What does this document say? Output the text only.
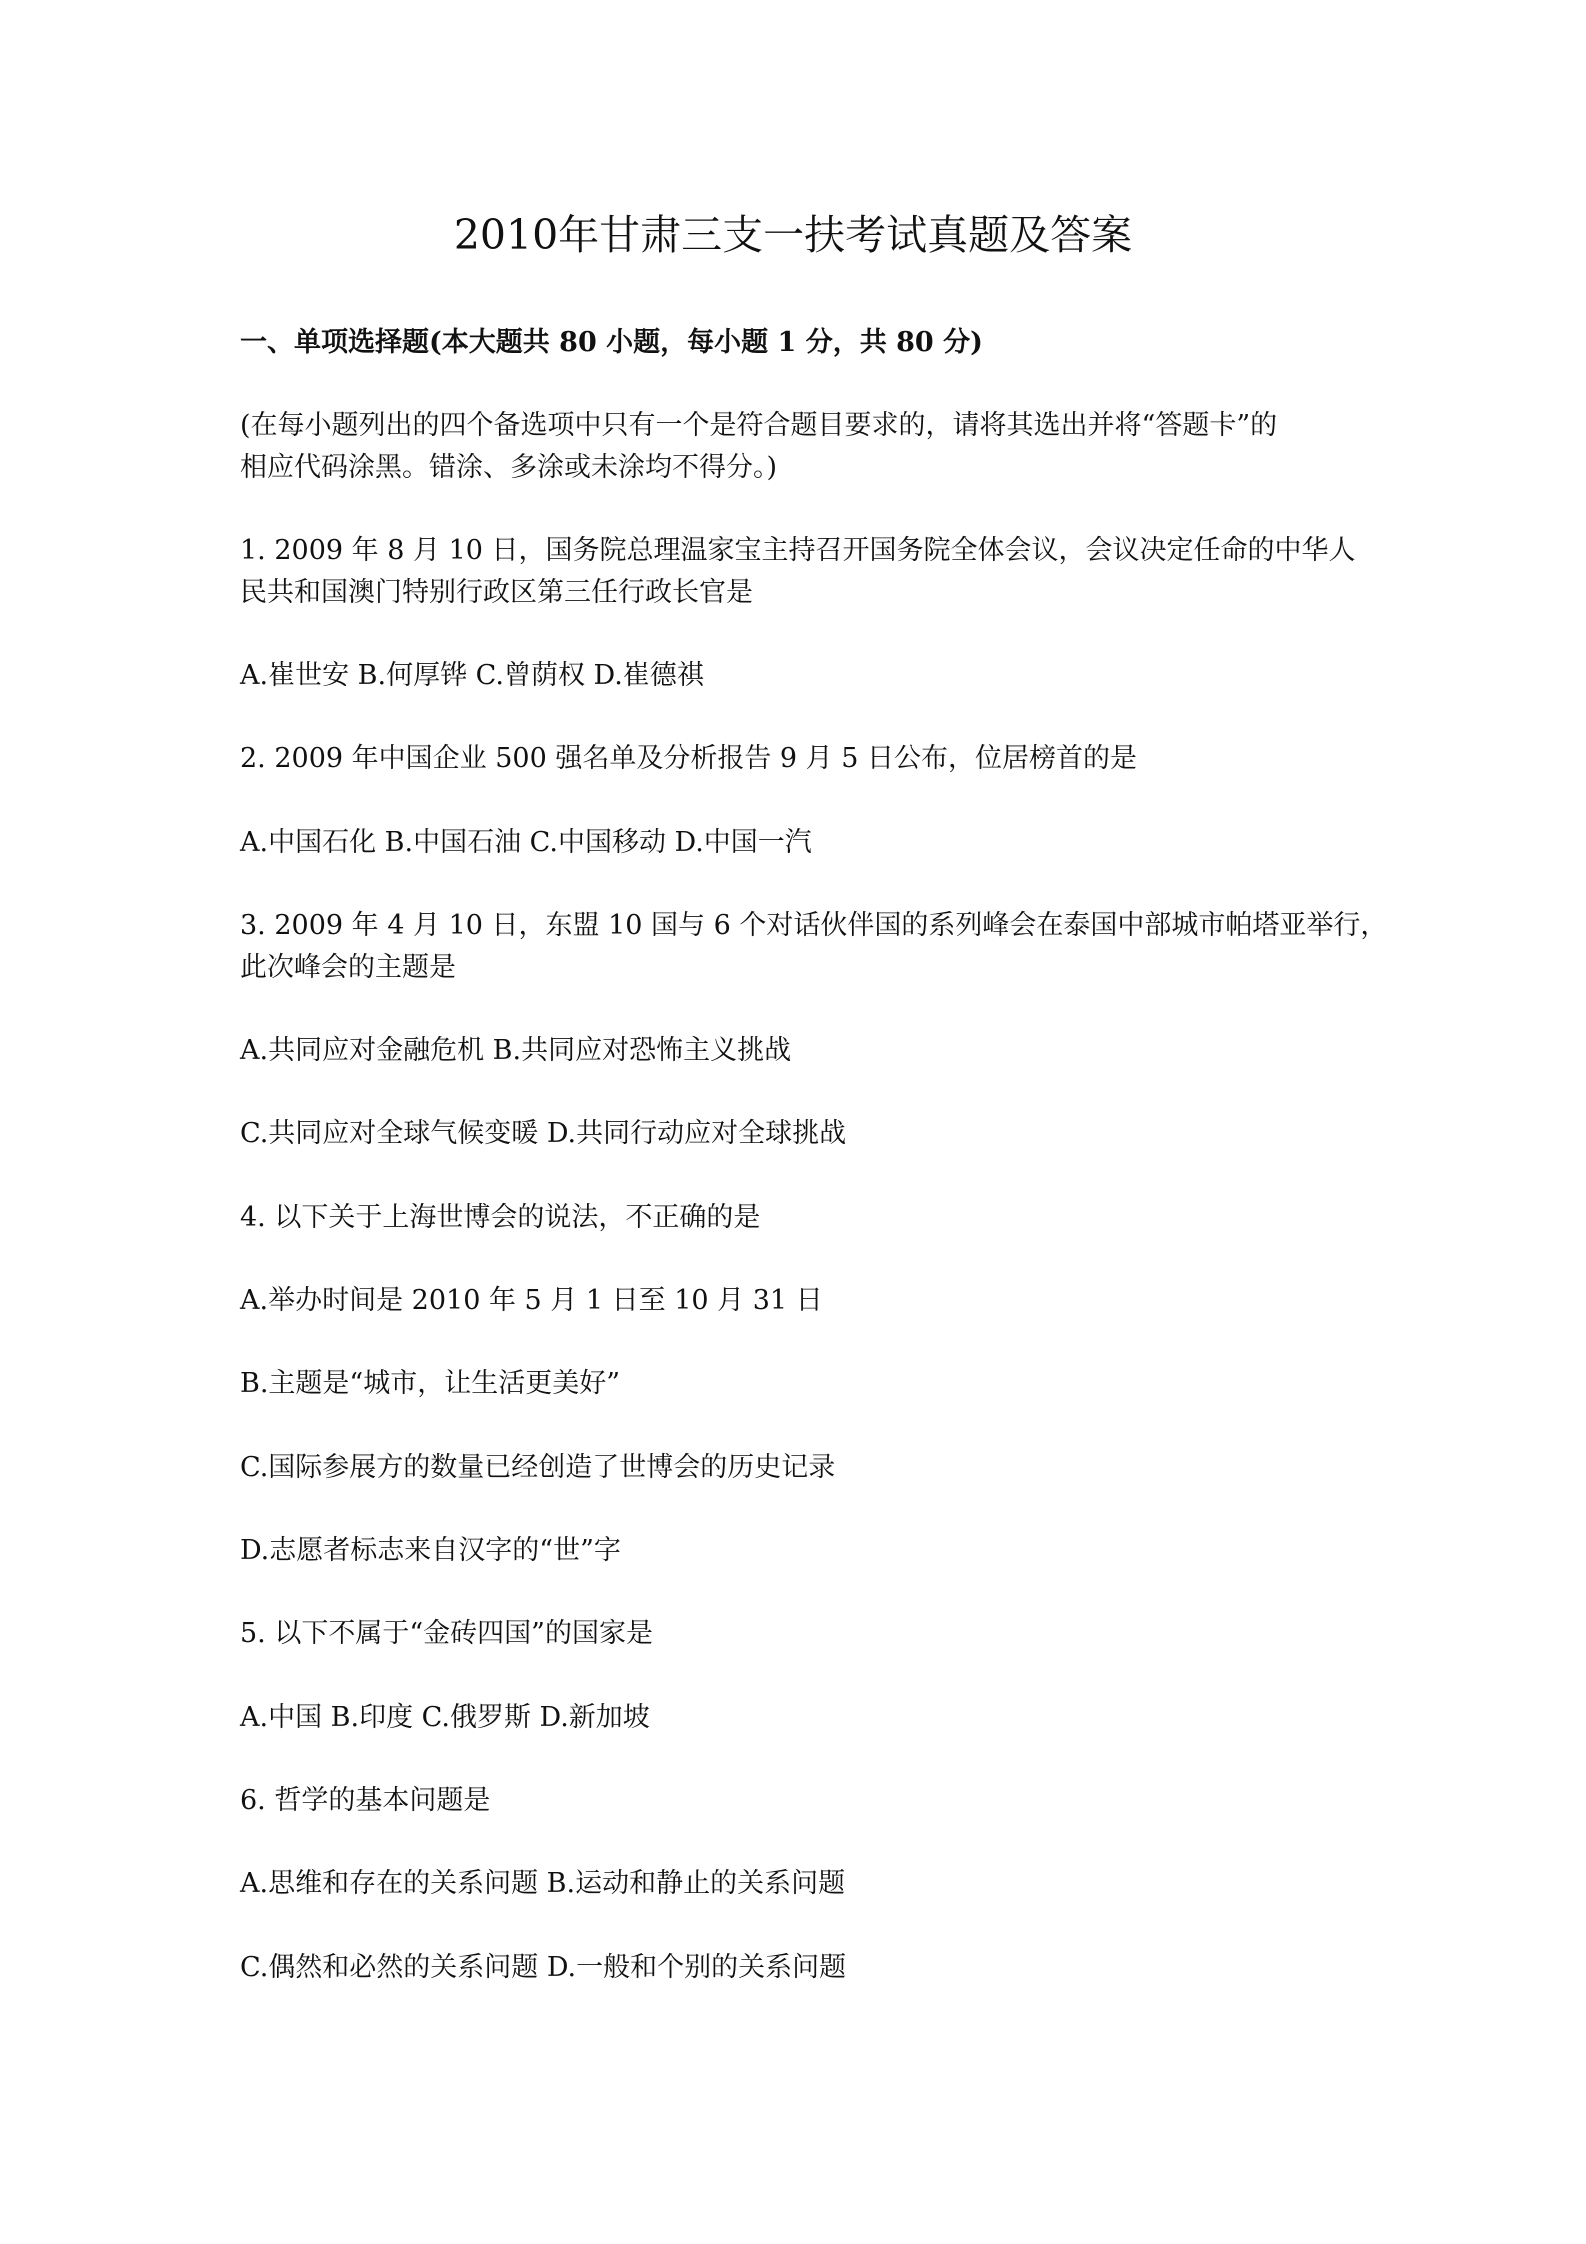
2010年甘肃三支一扶考试真题及答案

一、单项选择题(本大题共 80 小题，每小题 1 分，共 80 分)

(在每小题列出的四个备选项中只有一个是符合题目要求的，请将其选出并将“答题卡”的

相应代码涂黑。错涂、多涂或未涂均不得分。)

1. 2009 年 8 月 10 日，国务院总理温家宝主持召开国务院全体会议，会议决定任命的中华人

民共和国澳门特别行政区第三任行政长官是

A.崔世安 B.何厚铧 C.曾荫权 D.崔德祺

2. 2009 年中国企业 500 强名单及分析报告 9 月 5 日公布，位居榜首的是

A.中国石化 B.中国石油 C.中国移动 D.中国一汽

3. 2009 年 4 月 10 日，东盟 10 国与 6 个对话伙伴国的系列峰会在泰国中部城市帕塔亚举行，

此次峰会的主题是

A.共同应对金融危机 B.共同应对恐怖主义挑战

C.共同应对全球气候变暖 D.共同行动应对全球挑战

4. 以下关于上海世博会的说法，不正确的是

A.举办时间是 2010 年 5 月 1 日至 10 月 31 日

B.主题是“城市，让生活更美好”

C.国际参展方的数量已经创造了世博会的历史记录

D.志愿者标志来自汉字的“世”字

5. 以下不属于“金砖四国”的国家是

A.中国 B.印度 C.俄罗斯 D.新加坡

6. 哲学的基本问题是

A.思维和存在的关系问题 B.运动和静止的关系问题

C.偶然和必然的关系问题 D.一般和个别的关系问题
